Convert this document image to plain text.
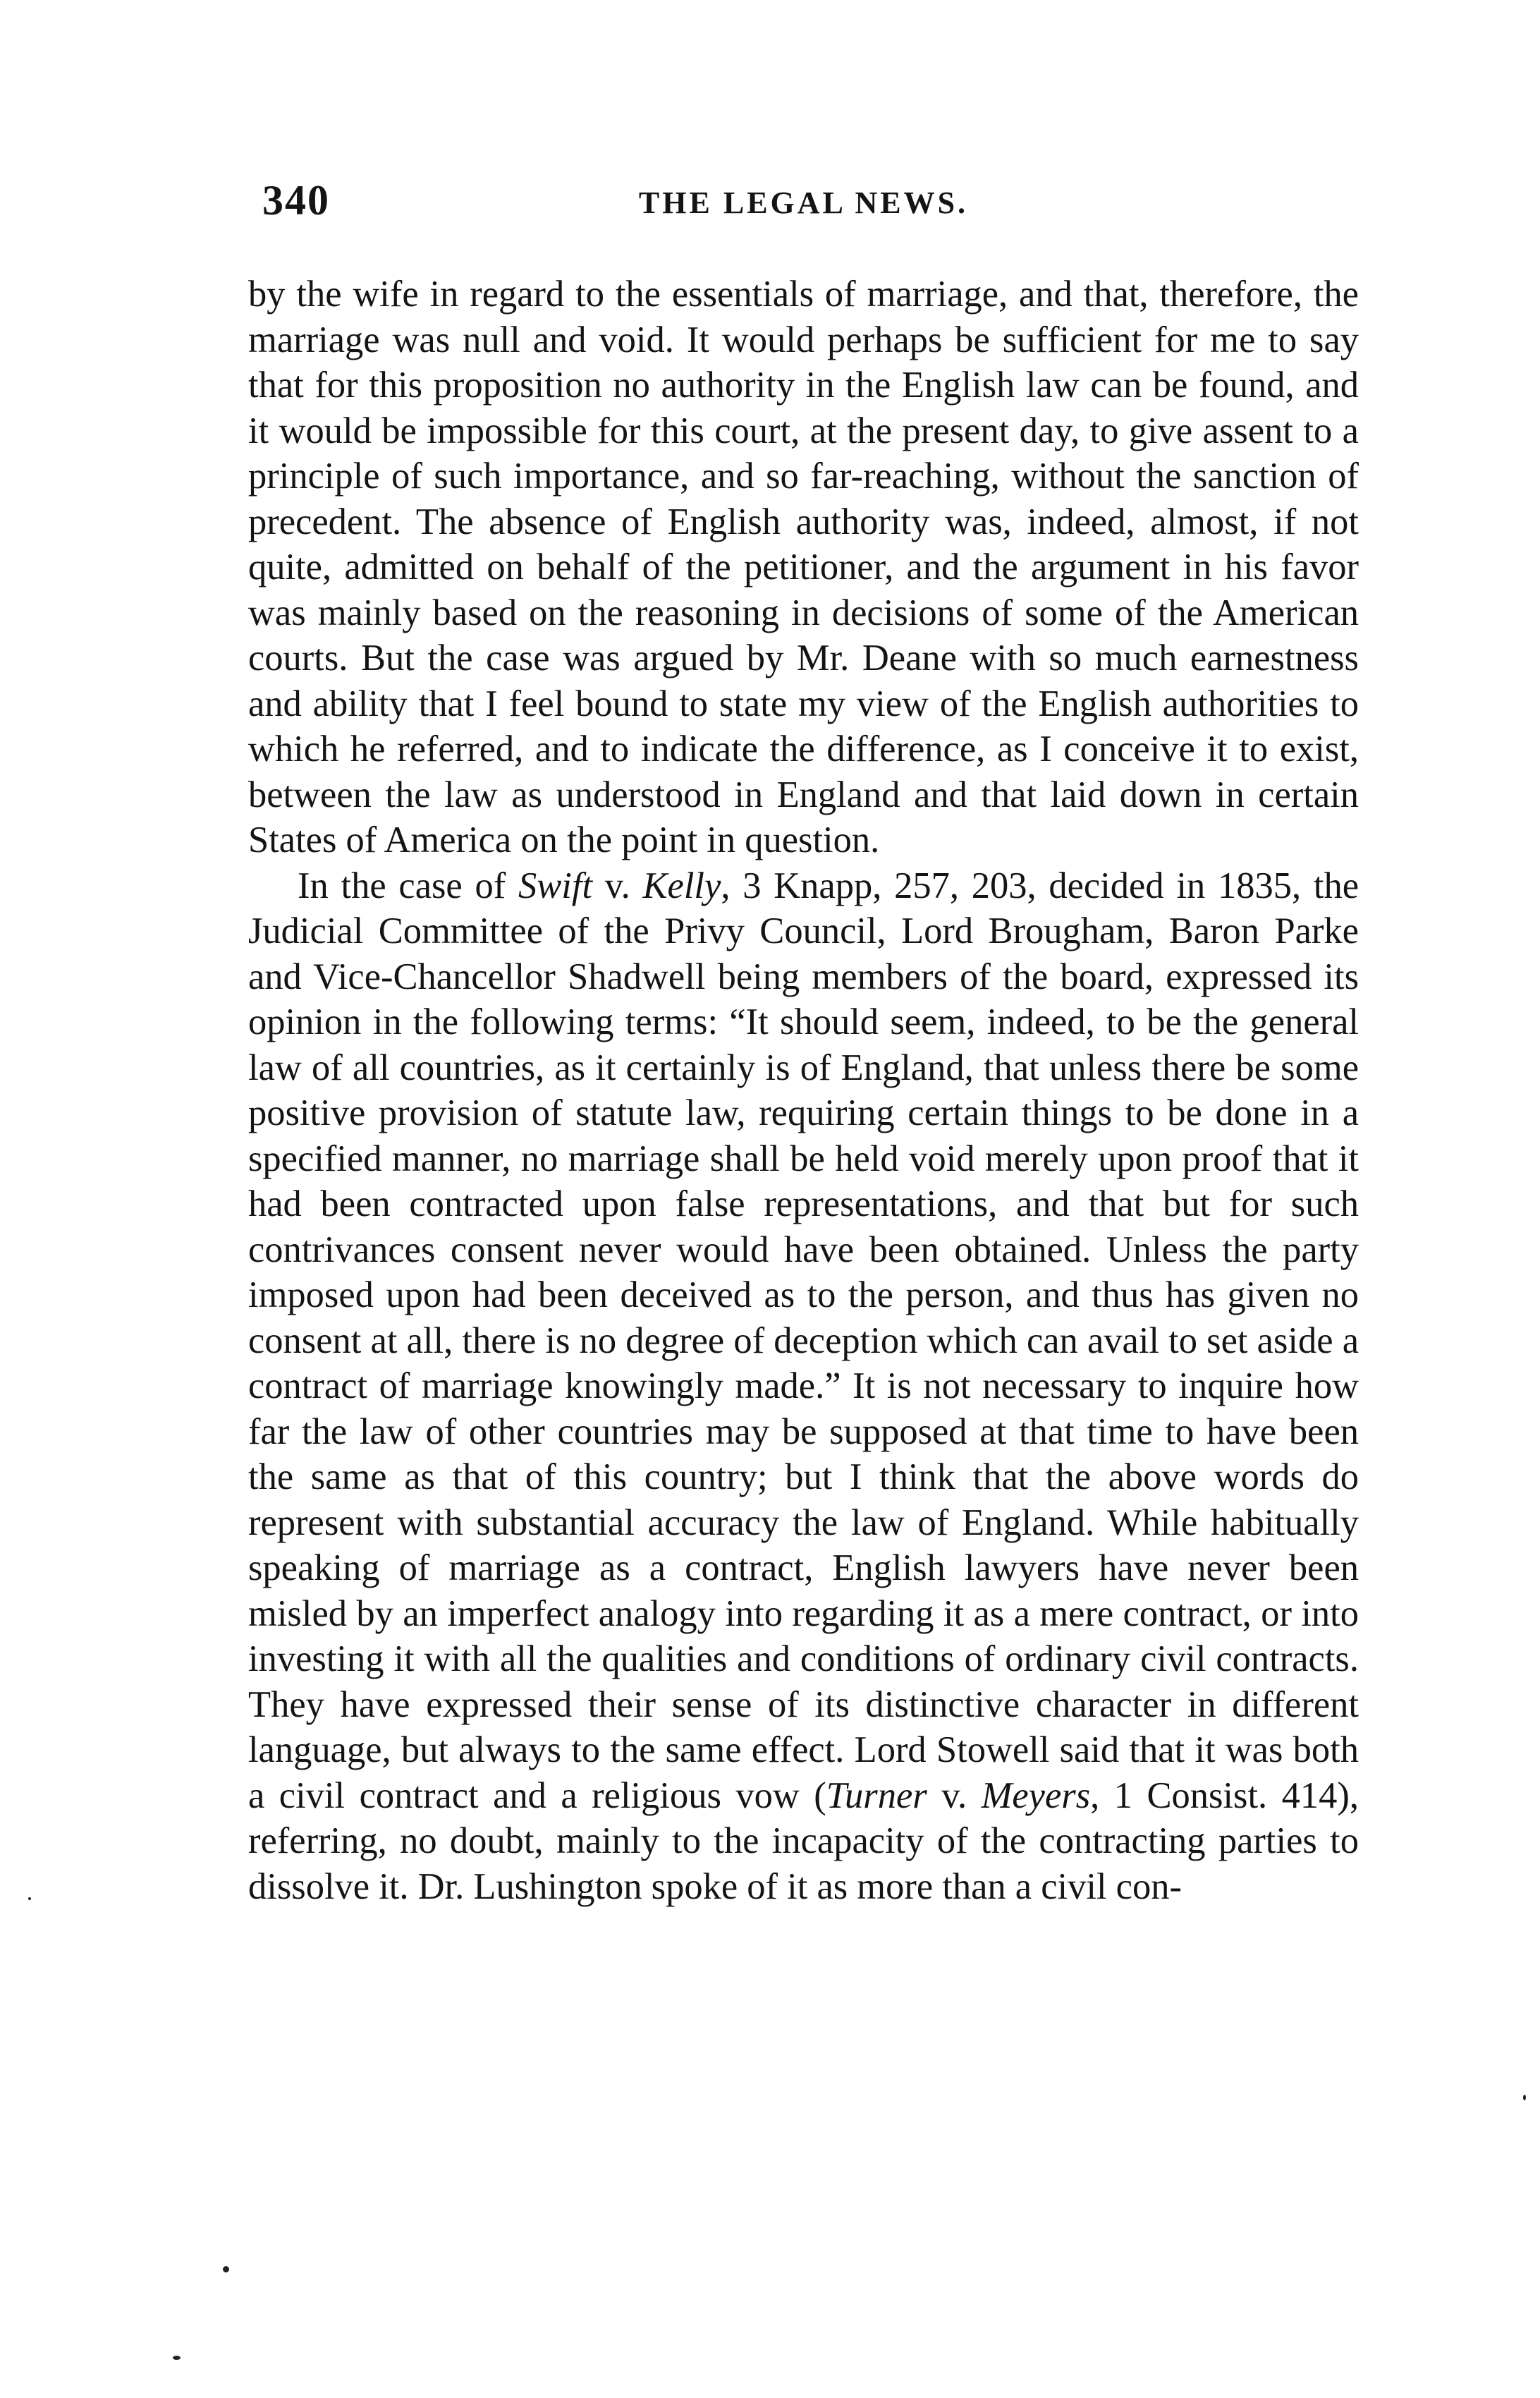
340	THE LEGAL NEWS.

by the wife in regard to the essentials of marriage, and that, therefore, the marriage was null and void. It would perhaps be sufficient for me to say that for this proposition no authority in the English law can be found, and it would be impossible for this court, at the present day, to give assent to a principle of such importance, and so far-reaching, without the sanction of precedent. The absence of English authority was, indeed, almost, if not quite, admitted on behalf of the petitioner, and the argument in his favor was mainly based on the reasoning in decisions of some of the American courts. But the case was argued by Mr. Deane with so much earnestness and ability that I feel bound to state my view of the English authorities to which he referred, and to indicate the difference, as I conceive it to exist, between the law as understood in England and that laid down in certain States of America on the point in question.

In the case of Swift v. Kelly, 3 Knapp, 257, 203, decided in 1835, the Judicial Committee of the Privy Council, Lord Brougham, Baron Parke and Vice-Chancellor Shadwell being members of the board, expressed its opinion in the following terms: “It should seem, indeed, to be the general law of all countries, as it certainly is of England, that unless there be some positive provision of statute law, requiring certain things to be done in a specified manner, no marriage shall be held void merely upon proof that it had been contracted upon false representations, and that but for such contrivances consent never would have been obtained. Unless the party imposed upon had been deceived as to the person, and thus has given no consent at all, there is no degree of deception which can avail to set aside a contract of marriage knowingly made.” It is not necessary to inquire how far the law of other countries may be supposed at that time to have been the same as that of this country; but I think that the above words do represent with substantial accuracy the law of England. While habitually speaking of marriage as a contract, English lawyers have never been misled by an imperfect analogy into regarding it as a mere contract, or into investing it with all the qualities and conditions of ordinary civil contracts. They have expressed their sense of its distinctive character in different language, but always to the same effect. Lord Stowell said that it was both a civil contract and a religious vow (Turner v. Meyers, 1 Consist. 414), referring, no doubt, mainly to the incapacity of the contracting parties to dissolve it. Dr. Lushington spoke of it as more than a civil con-
